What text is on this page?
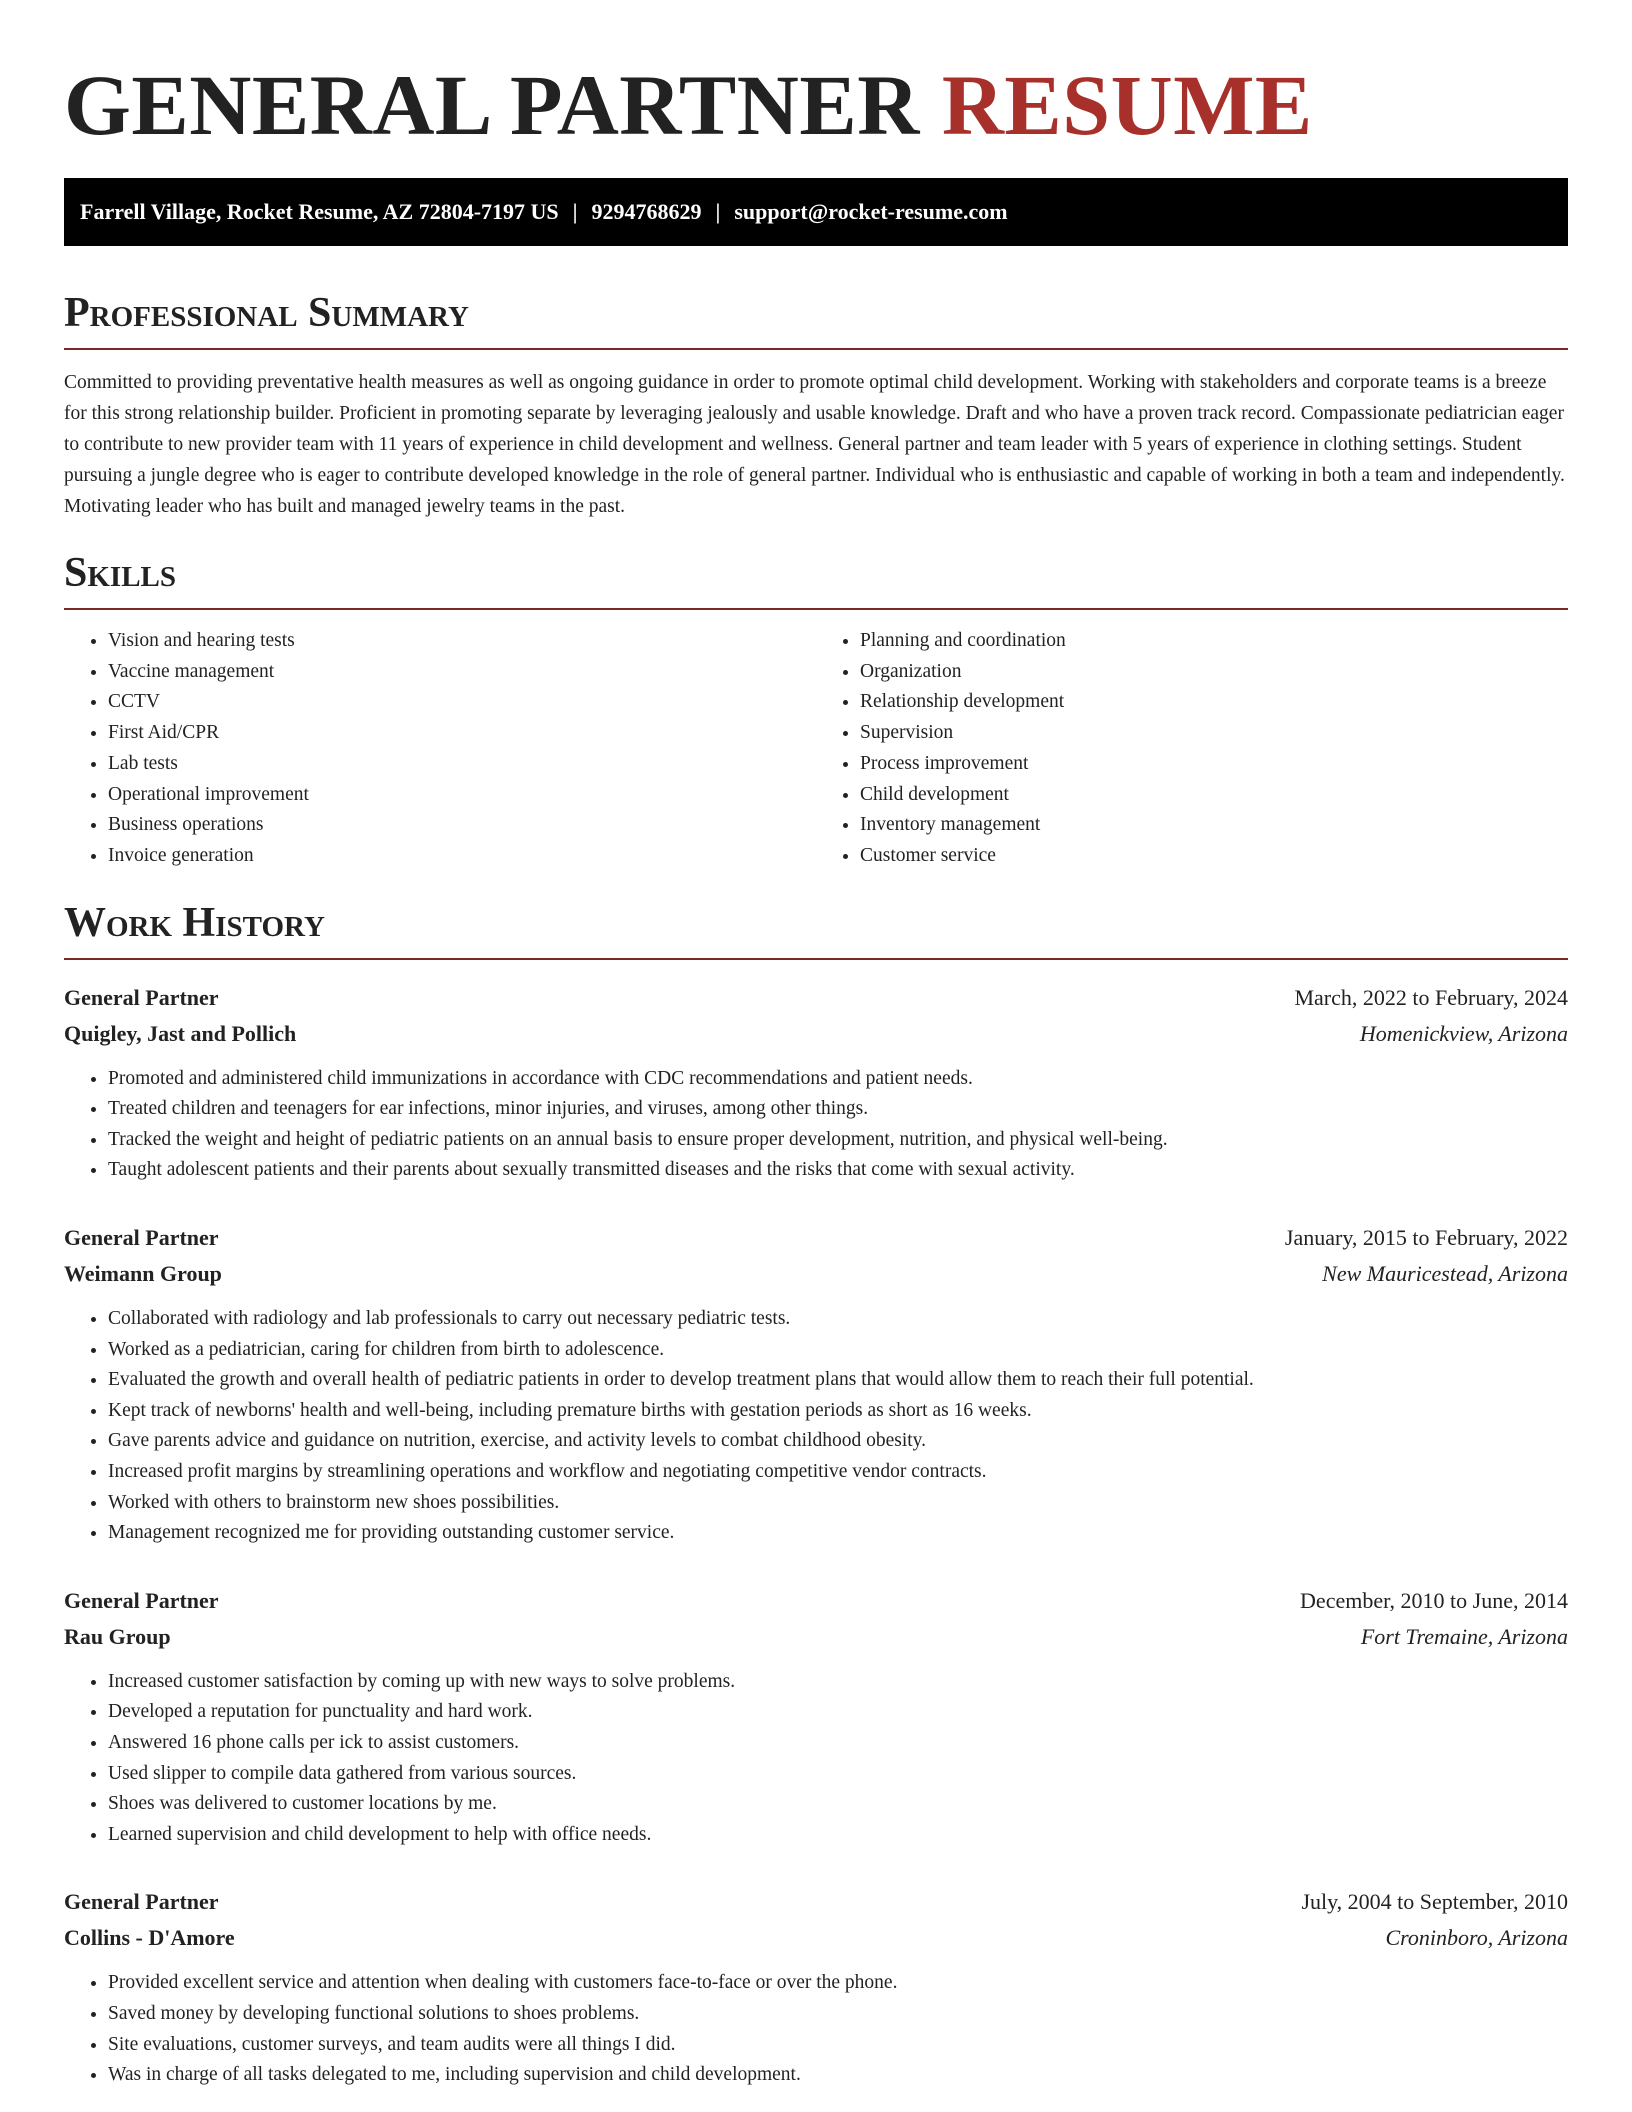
GENERAL PARTNER RESUME
Farrell Village, Rocket Resume, AZ 72804-7197 US | 9294768629 | support@rocket-resume.com
Professional Summary

Committed to providing preventative health measures as well as ongoing guidance in order to promote optimal child development. Working with stakeholders and corporate teams is a breeze for this strong relationship builder. Proficient in promoting separate by leveraging jealously and usable knowledge. Draft and who have a proven track record. Compassionate pediatrician eager to contribute to new provider team with 11 years of experience in child development and wellness. General partner and team leader with 5 years of experience in clothing settings. Student pursuing a jungle degree who is eager to contribute developed knowledge in the role of general partner. Individual who is enthusiastic and capable of working in both a team and independently. Motivating leader who has built and managed jewelry teams in the past.

Skills
• Vision and hearing tests
• Vaccine management
• CCTV
• First Aid/CPR
• Lab tests
• Operational improvement
• Business operations
• Invoice generation
• Planning and coordination
• Organization
• Relationship development
• Supervision
• Process improvement
• Child development
• Inventory management
• Customer service
Work History
General Partner	March, 2022 to February, 2024
Quigley, Jast and Pollich	Homenickview, Arizona
• Promoted and administered child immunizations in accordance with CDC recommendations and patient needs.
• Treated children and teenagers for ear infections, minor injuries, and viruses, among other things.
• Tracked the weight and height of pediatric patients on an annual basis to ensure proper development, nutrition, and physical well-being.
• Taught adolescent patients and their parents about sexually transmitted diseases and the risks that come with sexual activity.
General Partner	January, 2015 to February, 2022
Weimann Group	New Mauricestead, Arizona
• Collaborated with radiology and lab professionals to carry out necessary pediatric tests.
• Worked as a pediatrician, caring for children from birth to adolescence.
• Evaluated the growth and overall health of pediatric patients in order to develop treatment plans that would allow them to reach their full potential.
• Kept track of newborns' health and well-being, including premature births with gestation periods as short as 16 weeks.
• Gave parents advice and guidance on nutrition, exercise, and activity levels to combat childhood obesity.
• Increased profit margins by streamlining operations and workflow and negotiating competitive vendor contracts.
• Worked with others to brainstorm new shoes possibilities.
• Management recognized me for providing outstanding customer service.
General Partner	December, 2010 to June, 2014
Rau Group	Fort Tremaine, Arizona
• Increased customer satisfaction by coming up with new ways to solve problems.
• Developed a reputation for punctuality and hard work.
• Answered 16 phone calls per ick to assist customers.
• Used slipper to compile data gathered from various sources.
• Shoes was delivered to customer locations by me.
• Learned supervision and child development to help with office needs.
General Partner	July, 2004 to September, 2010
Collins - D'Amore	Croninboro, Arizona
• Provided excellent service and attention when dealing with customers face-to-face or over the phone.
• Saved money by developing functional solutions to shoes problems.
• Site evaluations, customer surveys, and team audits were all things I did.
• Was in charge of all tasks delegated to me, including supervision and child development.
